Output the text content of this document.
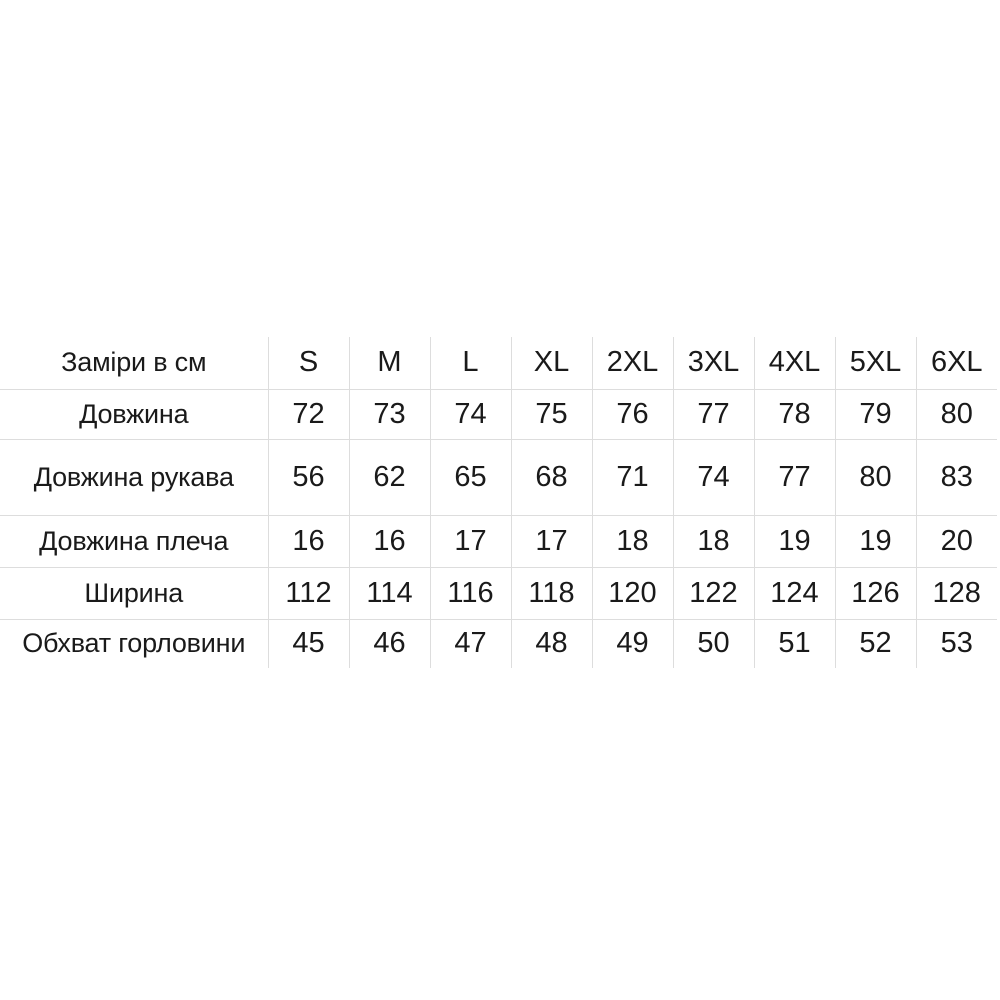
Заміри в см	S	M	L	XL	2XL	3XL	4XL	5XL	6XL
Довжина	72	73	74	75	76	77	78	79	80
Довжина рукава	56	62	65	68	71	74	77	80	83
Довжина плеча	16	16	17	17	18	18	19	19	20
Ширина	112	114	116	118	120	122	124	126	128
Обхват горловини	45	46	47	48	49	50	51	52	53
